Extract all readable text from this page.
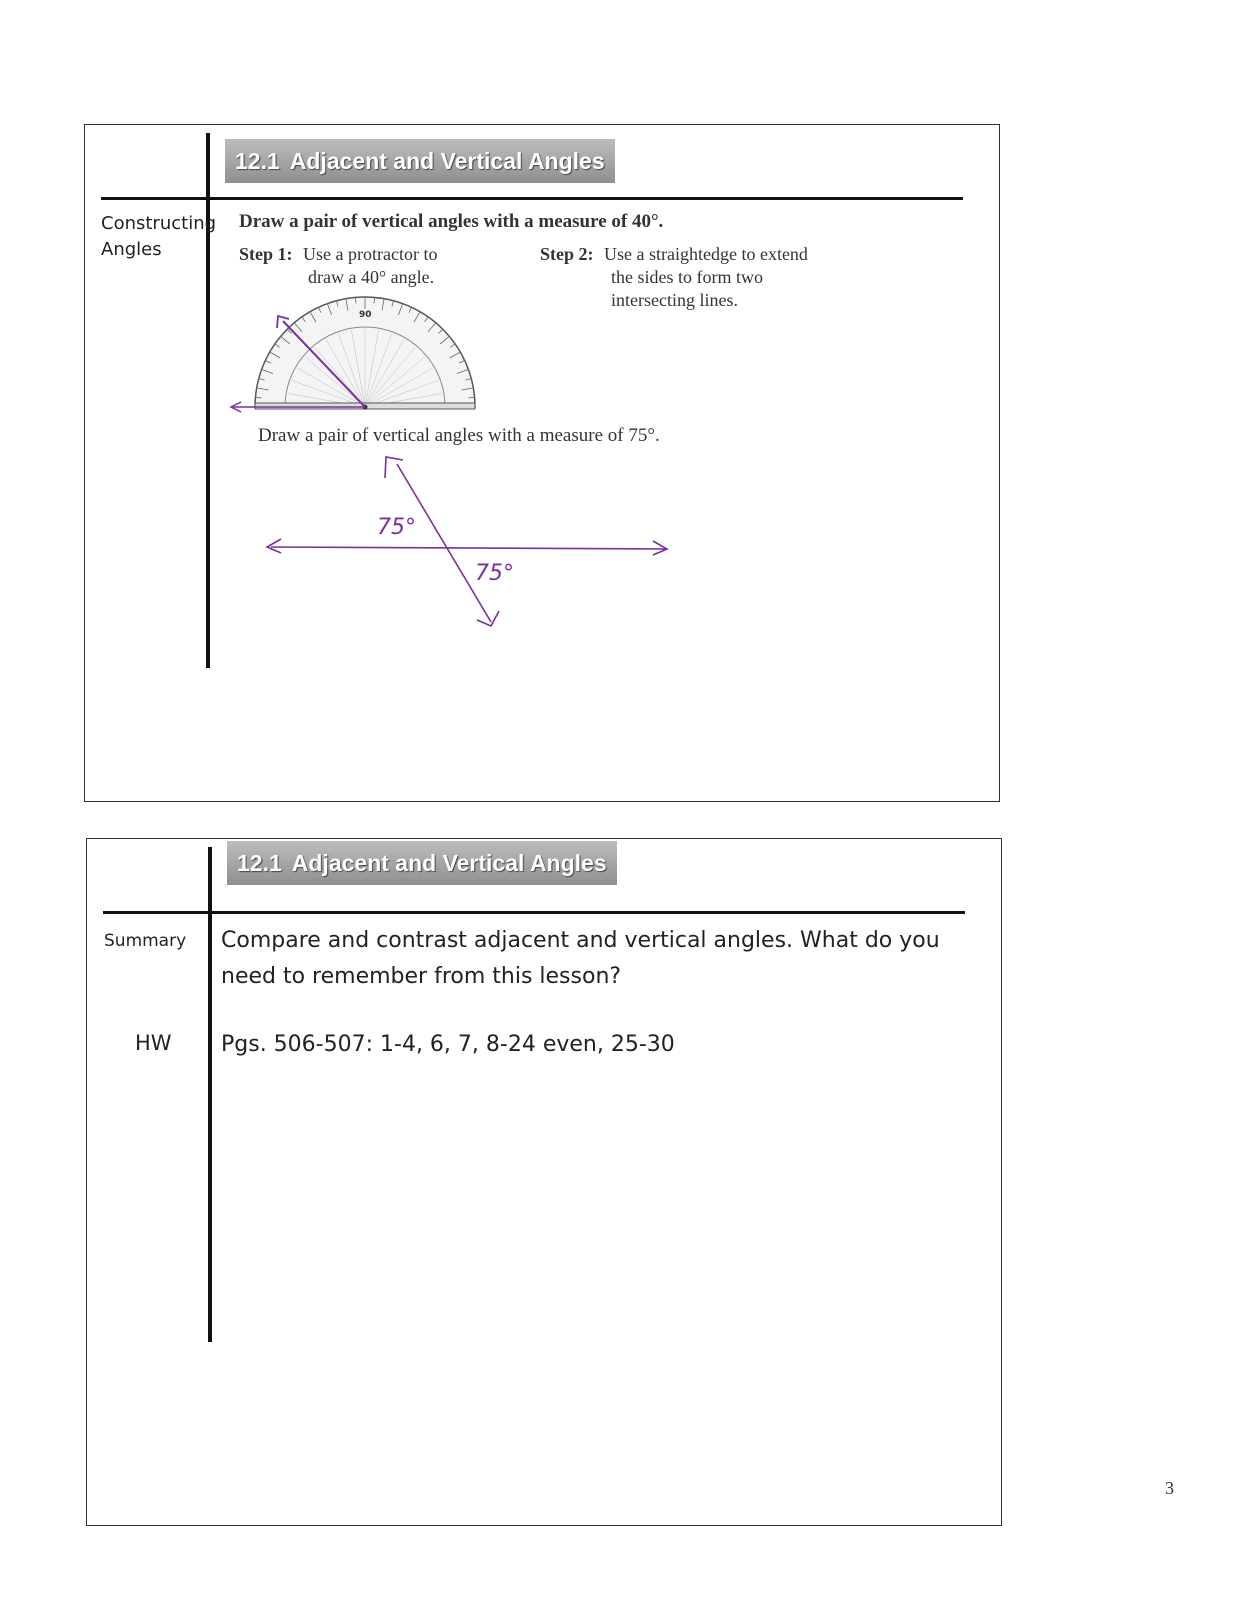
12.1 Adjacent and Vertical Angles
Constructing
Angles
Draw a pair of vertical angles with a measure of 40°.
Step 1: Use a protractor to
draw a 40° angle.
Step 2: Use a straightedge to extend
the sides to form two
intersecting lines.
90
Draw a pair of vertical angles with a measure of 75°.
75°
75°
12.1 Adjacent and Vertical Angles
Summary Compare and contrast adjacent and vertical angles. What do you
need to remember from this lesson?
HW Pgs. 506-507: 1-4, 6, 7, 8-24 even, 25-30
3
